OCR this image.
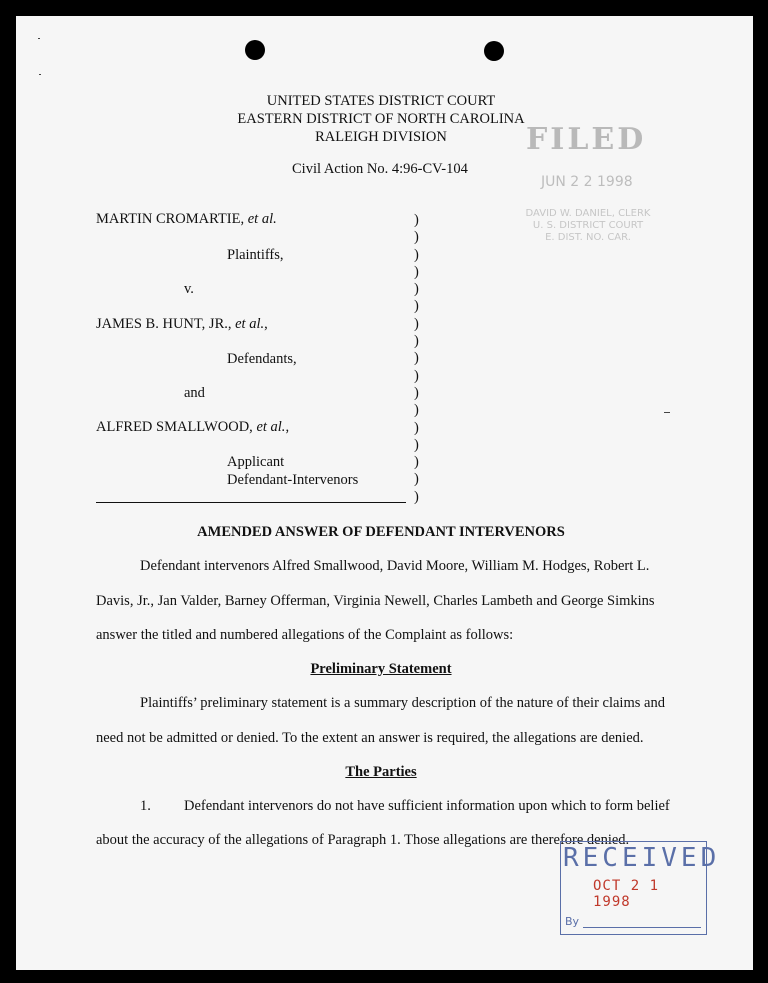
UNITED STATES DISTRICT COURT
EASTERN DISTRICT OF NORTH CAROLINA
RALEIGH DIVISION
Civil Action No. 4:96-CV-104
FILED
JUN 2 2 1998
DAVID W. DANIEL, CLERK
U. S. DISTRICT COURT
E. DIST. NO. CAR.
MARTIN CROMARTIE, et al.
Plaintiffs,
v.
JAMES B. HUNT, JR., et al.,
Defendants,
and
ALFRED SMALLWOOD, et al.,
Applicant
Defendant-Intervenors
)
)
)
)
)
)
)
)
)
)
)
)
)
)
)
)
)
AMENDED ANSWER OF DEFENDANT INTERVENORS
Defendant intervenors Alfred Smallwood, David Moore, William M. Hodges, Robert L.
Davis, Jr., Jan Valder, Barney Offerman, Virginia Newell, Charles Lambeth and George Simkins
answer the titled and numbered allegations of the Complaint as follows:
Preliminary Statement
Plaintiffs’ preliminary statement is a summary description of the nature of their claims and
need not be admitted or denied. To the extent an answer is required, the allegations are denied.
The Parties
1. Defendant intervenors do not have sufficient information upon which to form belief
about the accuracy of the allegations of Paragraph 1. Those allegations are therefore denied.
RECEIVED
OCT 2 1 1998
By
